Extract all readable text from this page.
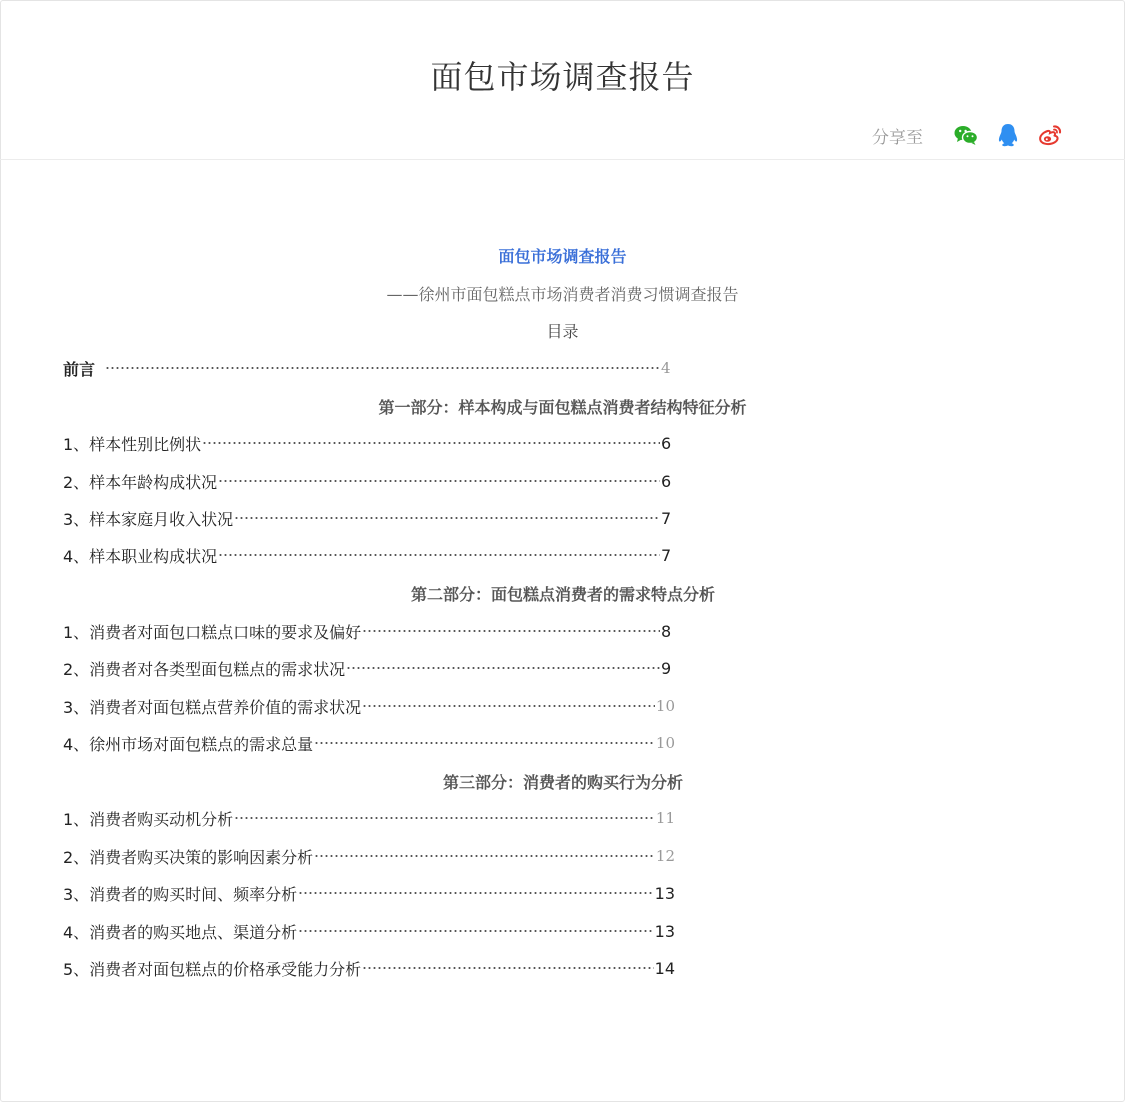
面包市场调查报告
分享至
面包市场调查报告
——徐州市面包糕点市场消费者消费习惯调查报告
目录
前言	4
第一部分：样本构成与面包糕点消费者结构特征分析
1、样本性别比例状	6
2、样本年龄构成状况	6
3、样本家庭月收入状况	7
4、样本职业构成状况	7
第二部分：面包糕点消费者的需求特点分析
1、消费者对面包口糕点口味的要求及偏好	8
2、消费者对各类型面包糕点的需求状况	9
3、消费者对面包糕点营养价值的需求状况	10
4、徐州市场对面包糕点的需求总量	10
第三部分：消费者的购买行为分析
1、消费者购买动机分析	11
2、消费者购买决策的影响因素分析	12
3、消费者的购买时间、频率分析	13
4、消费者的购买地点、渠道分析	13
5、消费者对面包糕点的价格承受能力分析	14
